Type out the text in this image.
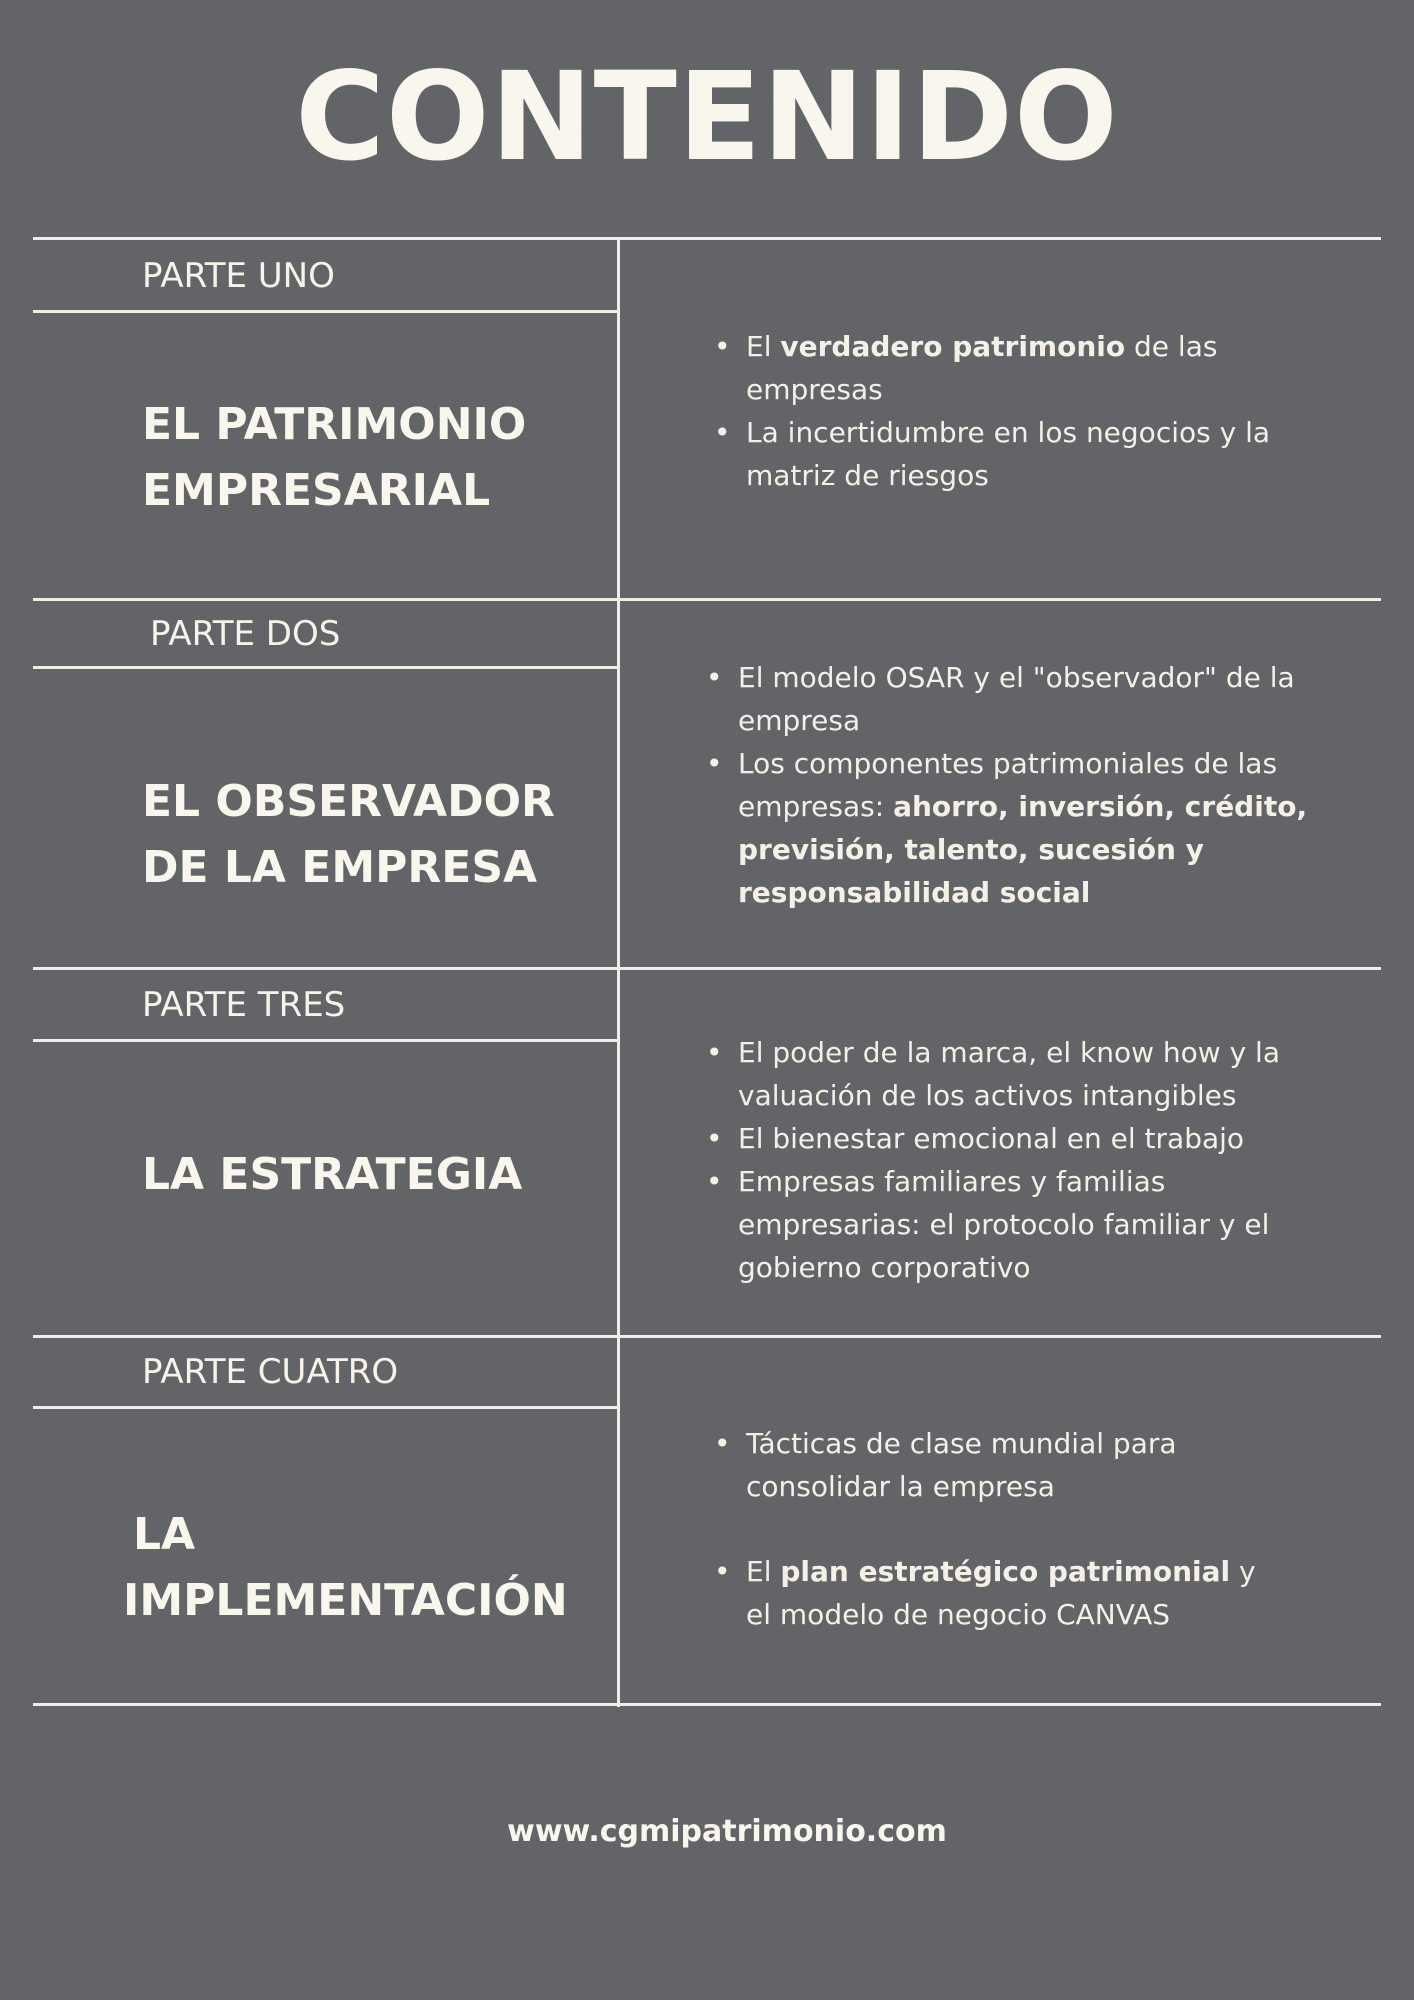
CONTENIDO
PARTE UNO
EL PATRIMONIO
EMPRESARIAL
• El verdadero patrimonio de las empresas
• La incertidumbre en los negocios y la matriz de riesgos
PARTE DOS
EL OBSERVADOR
DE LA EMPRESA
• El modelo OSAR y el "observador" de la empresa
• Los componentes patrimoniales de las empresas: ahorro, inversión, crédito, previsión, talento, sucesión y responsabilidad social
PARTE TRES
LA ESTRATEGIA
• El poder de la marca, el know how y la valuación de los activos intangibles
• El bienestar emocional en el trabajo
• Empresas familiares y familias empresarias: el protocolo familiar y el gobierno corporativo
PARTE CUATRO
LA
IMPLEMENTACIÓN
• Tácticas de clase mundial para consolidar la empresa
• El plan estratégico patrimonial y el modelo de negocio CANVAS
www.cgmipatrimonio.com
